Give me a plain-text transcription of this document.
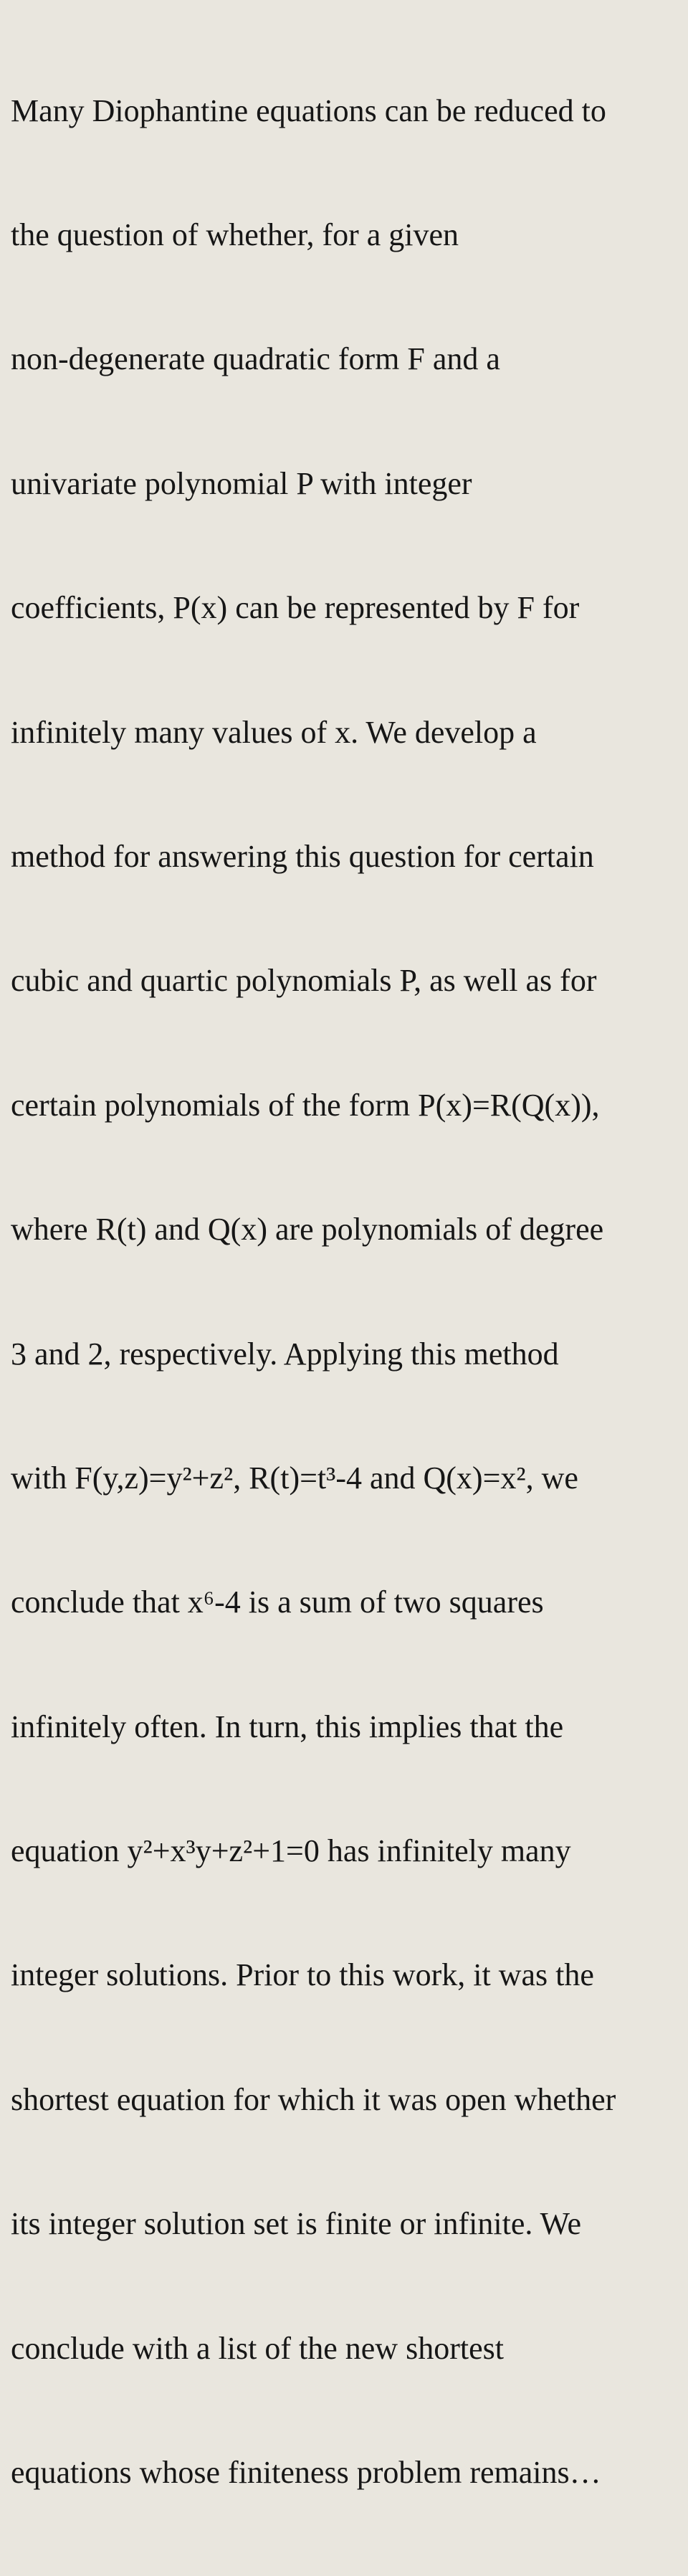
Many Diophantine equations can be reduced to

the question of whether, for a given

non-degenerate quadratic form F and a

univariate polynomial P with integer

coefficients, P(x) can be represented by F for

infinitely many values of x. We develop a

method for answering this question for certain

cubic and quartic polynomials P, as well as for

certain polynomials of the form P(x)=R(Q(x)),

where R(t) and Q(x) are polynomials of degree

3 and 2, respectively. Applying this method

with F(y,z)=y²+z², R(t)=t³-4 and Q(x)=x², we

conclude that x⁶-4 is a sum of two squares

infinitely often. In turn, this implies that the

equation y²+x³y+z²+1=0 has infinitely many

integer solutions. Prior to this work, it was the

shortest equation for which it was open whether

its integer solution set is finite or infinite. We

conclude with a list of the new shortest

equations whose finiteness problem remains…
